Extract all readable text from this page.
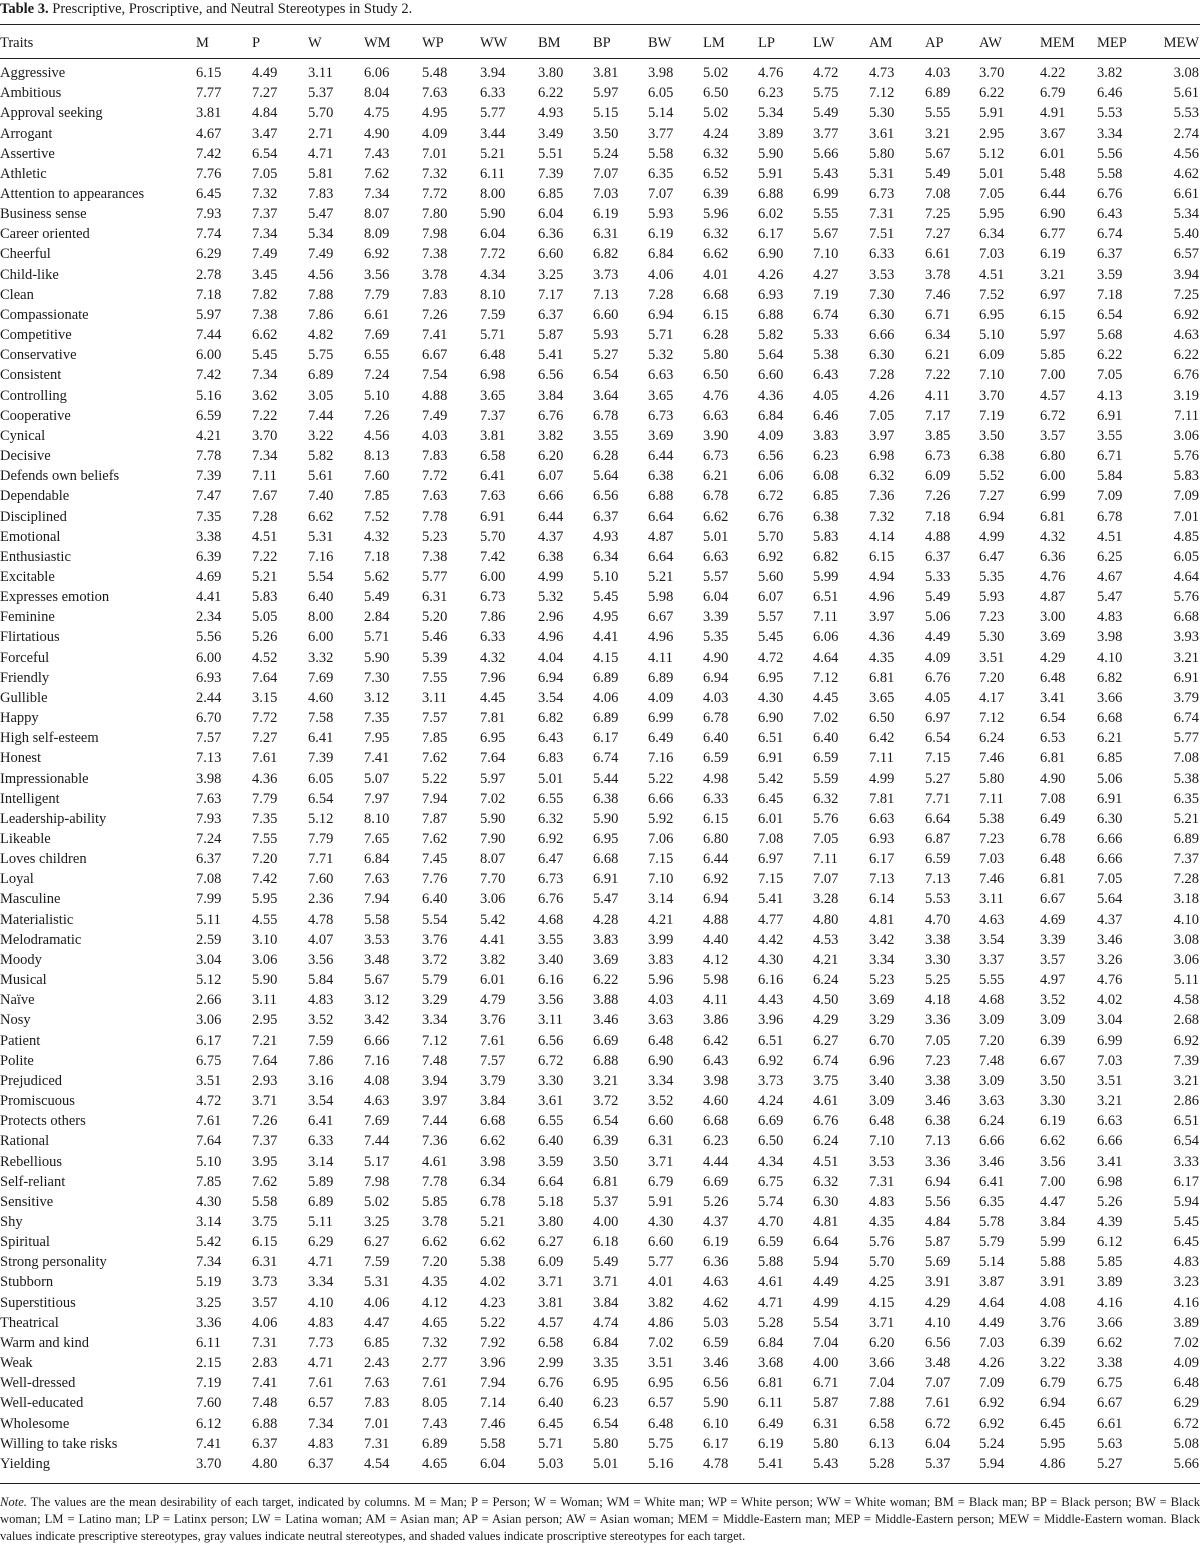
Table 3. Prescriptive, Proscriptive, and Neutral Stereotypes in Study 2.
Traits	M	P	W	WM	WP	WW	BM	BP	BW	LM	LP	LW	AM	AP	AW	MEM	MEP	MEW

Aggressive	6.15	4.49	3.11	6.06	5.48	3.94	3.80	3.81	3.98	5.02	4.76	4.72	4.73	4.03	3.70	4.22	3.82	3.08
Ambitious	7.77	7.27	5.37	8.04	7.63	6.33	6.22	5.97	6.05	6.50	6.23	5.75	7.12	6.89	6.22	6.79	6.46	5.61
Approval seeking	3.81	4.84	5.70	4.75	4.95	5.77	4.93	5.15	5.14	5.02	5.34	5.49	5.30	5.55	5.91	4.91	5.53	5.53
Arrogant	4.67	3.47	2.71	4.90	4.09	3.44	3.49	3.50	3.77	4.24	3.89	3.77	3.61	3.21	2.95	3.67	3.34	2.74
Assertive	7.42	6.54	4.71	7.43	7.01	5.21	5.51	5.24	5.58	6.32	5.90	5.66	5.80	5.67	5.12	6.01	5.56	4.56
Athletic	7.76	7.05	5.81	7.62	7.32	6.11	7.39	7.07	6.35	6.52	5.91	5.43	5.31	5.49	5.01	5.48	5.58	4.62
Attention to appearances	6.45	7.32	7.83	7.34	7.72	8.00	6.85	7.03	7.07	6.39	6.88	6.99	6.73	7.08	7.05	6.44	6.76	6.61
Business sense	7.93	7.37	5.47	8.07	7.80	5.90	6.04	6.19	5.93	5.96	6.02	5.55	7.31	7.25	5.95	6.90	6.43	5.34
Career oriented	7.74	7.34	5.34	8.09	7.98	6.04	6.36	6.31	6.19	6.32	6.17	5.67	7.51	7.27	6.34	6.77	6.74	5.40
Cheerful	6.29	7.49	7.49	6.92	7.38	7.72	6.60	6.82	6.84	6.62	6.90	7.10	6.33	6.61	7.03	6.19	6.37	6.57
Child-like	2.78	3.45	4.56	3.56	3.78	4.34	3.25	3.73	4.06	4.01	4.26	4.27	3.53	3.78	4.51	3.21	3.59	3.94
Clean	7.18	7.82	7.88	7.79	7.83	8.10	7.17	7.13	7.28	6.68	6.93	7.19	7.30	7.46	7.52	6.97	7.18	7.25
Compassionate	5.97	7.38	7.86	6.61	7.26	7.59	6.37	6.60	6.94	6.15	6.88	6.74	6.30	6.71	6.95	6.15	6.54	6.92
Competitive	7.44	6.62	4.82	7.69	7.41	5.71	5.87	5.93	5.71	6.28	5.82	5.33	6.66	6.34	5.10	5.97	5.68	4.63
Conservative	6.00	5.45	5.75	6.55	6.67	6.48	5.41	5.27	5.32	5.80	5.64	5.38	6.30	6.21	6.09	5.85	6.22	6.22
Consistent	7.42	7.34	6.89	7.24	7.54	6.98	6.56	6.54	6.63	6.50	6.60	6.43	7.28	7.22	7.10	7.00	7.05	6.76
Controlling	5.16	3.62	3.05	5.10	4.88	3.65	3.84	3.64	3.65	4.76	4.36	4.05	4.26	4.11	3.70	4.57	4.13	3.19
Cooperative	6.59	7.22	7.44	7.26	7.49	7.37	6.76	6.78	6.73	6.63	6.84	6.46	7.05	7.17	7.19	6.72	6.91	7.11
Cynical	4.21	3.70	3.22	4.56	4.03	3.81	3.82	3.55	3.69	3.90	4.09	3.83	3.97	3.85	3.50	3.57	3.55	3.06
Decisive	7.78	7.34	5.82	8.13	7.83	6.58	6.20	6.28	6.44	6.73	6.56	6.23	6.98	6.73	6.38	6.80	6.71	5.76
Defends own beliefs	7.39	7.11	5.61	7.60	7.72	6.41	6.07	5.64	6.38	6.21	6.06	6.08	6.32	6.09	5.52	6.00	5.84	5.83
Dependable	7.47	7.67	7.40	7.85	7.63	7.63	6.66	6.56	6.88	6.78	6.72	6.85	7.36	7.26	7.27	6.99	7.09	7.09
Disciplined	7.35	7.28	6.62	7.52	7.78	6.91	6.44	6.37	6.64	6.62	6.76	6.38	7.32	7.18	6.94	6.81	6.78	7.01
Emotional	3.38	4.51	5.31	4.32	5.23	5.70	4.37	4.93	4.87	5.01	5.70	5.83	4.14	4.88	4.99	4.32	4.51	4.85
Enthusiastic	6.39	7.22	7.16	7.18	7.38	7.42	6.38	6.34	6.64	6.63	6.92	6.82	6.15	6.37	6.47	6.36	6.25	6.05
Excitable	4.69	5.21	5.54	5.62	5.77	6.00	4.99	5.10	5.21	5.57	5.60	5.99	4.94	5.33	5.35	4.76	4.67	4.64
Expresses emotion	4.41	5.83	6.40	5.49	6.31	6.73	5.32	5.45	5.98	6.04	6.07	6.51	4.96	5.49	5.93	4.87	5.47	5.76
Feminine	2.34	5.05	8.00	2.84	5.20	7.86	2.96	4.95	6.67	3.39	5.57	7.11	3.97	5.06	7.23	3.00	4.83	6.68
Flirtatious	5.56	5.26	6.00	5.71	5.46	6.33	4.96	4.41	4.96	5.35	5.45	6.06	4.36	4.49	5.30	3.69	3.98	3.93
Forceful	6.00	4.52	3.32	5.90	5.39	4.32	4.04	4.15	4.11	4.90	4.72	4.64	4.35	4.09	3.51	4.29	4.10	3.21
Friendly	6.93	7.64	7.69	7.30	7.55	7.96	6.94	6.89	6.89	6.94	6.95	7.12	6.81	6.76	7.20	6.48	6.82	6.91
Gullible	2.44	3.15	4.60	3.12	3.11	4.45	3.54	4.06	4.09	4.03	4.30	4.45	3.65	4.05	4.17	3.41	3.66	3.79
Happy	6.70	7.72	7.58	7.35	7.57	7.81	6.82	6.89	6.99	6.78	6.90	7.02	6.50	6.97	7.12	6.54	6.68	6.74
High self-esteem	7.57	7.27	6.41	7.95	7.85	6.95	6.43	6.17	6.49	6.40	6.51	6.40	6.42	6.54	6.24	6.53	6.21	5.77
Honest	7.13	7.61	7.39	7.41	7.62	7.64	6.83	6.74	7.16	6.59	6.91	6.59	7.11	7.15	7.46	6.81	6.85	7.08
Impressionable	3.98	4.36	6.05	5.07	5.22	5.97	5.01	5.44	5.22	4.98	5.42	5.59	4.99	5.27	5.80	4.90	5.06	5.38
Intelligent	7.63	7.79	6.54	7.97	7.94	7.02	6.55	6.38	6.66	6.33	6.45	6.32	7.81	7.71	7.11	7.08	6.91	6.35
Leadership-ability	7.93	7.35	5.12	8.10	7.87	5.90	6.32	5.90	5.92	6.15	6.01	5.76	6.63	6.64	5.38	6.49	6.30	5.21
Likeable	7.24	7.55	7.79	7.65	7.62	7.90	6.92	6.95	7.06	6.80	7.08	7.05	6.93	6.87	7.23	6.78	6.66	6.89
Loves children	6.37	7.20	7.71	6.84	7.45	8.07	6.47	6.68	7.15	6.44	6.97	7.11	6.17	6.59	7.03	6.48	6.66	7.37
Loyal	7.08	7.42	7.60	7.63	7.76	7.70	6.73	6.91	7.10	6.92	7.15	7.07	7.13	7.13	7.46	6.81	7.05	7.28
Masculine	7.99	5.95	2.36	7.94	6.40	3.06	6.76	5.47	3.14	6.94	5.41	3.28	6.14	5.53	3.11	6.67	5.64	3.18
Materialistic	5.11	4.55	4.78	5.58	5.54	5.42	4.68	4.28	4.21	4.88	4.77	4.80	4.81	4.70	4.63	4.69	4.37	4.10
Melodramatic	2.59	3.10	4.07	3.53	3.76	4.41	3.55	3.83	3.99	4.40	4.42	4.53	3.42	3.38	3.54	3.39	3.46	3.08
Moody	3.04	3.06	3.56	3.48	3.72	3.82	3.40	3.69	3.83	4.12	4.30	4.21	3.34	3.30	3.37	3.57	3.26	3.06
Musical	5.12	5.90	5.84	5.67	5.79	6.01	6.16	6.22	5.96	5.98	6.16	6.24	5.23	5.25	5.55	4.97	4.76	5.11
Naïve	2.66	3.11	4.83	3.12	3.29	4.79	3.56	3.88	4.03	4.11	4.43	4.50	3.69	4.18	4.68	3.52	4.02	4.58
Nosy	3.06	2.95	3.52	3.42	3.34	3.76	3.11	3.46	3.63	3.86	3.96	4.29	3.29	3.36	3.09	3.09	3.04	2.68
Patient	6.17	7.21	7.59	6.66	7.12	7.61	6.56	6.69	6.48	6.42	6.51	6.27	6.70	7.05	7.20	6.39	6.99	6.92
Polite	6.75	7.64	7.86	7.16	7.48	7.57	6.72	6.88	6.90	6.43	6.92	6.74	6.96	7.23	7.48	6.67	7.03	7.39
Prejudiced	3.51	2.93	3.16	4.08	3.94	3.79	3.30	3.21	3.34	3.98	3.73	3.75	3.40	3.38	3.09	3.50	3.51	3.21
Promiscuous	4.72	3.71	3.54	4.63	3.97	3.84	3.61	3.72	3.52	4.60	4.24	4.61	3.09	3.46	3.63	3.30	3.21	2.86
Protects others	7.61	7.26	6.41	7.69	7.44	6.68	6.55	6.54	6.60	6.68	6.69	6.76	6.48	6.38	6.24	6.19	6.63	6.51
Rational	7.64	7.37	6.33	7.44	7.36	6.62	6.40	6.39	6.31	6.23	6.50	6.24	7.10	7.13	6.66	6.62	6.66	6.54
Rebellious	5.10	3.95	3.14	5.17	4.61	3.98	3.59	3.50	3.71	4.44	4.34	4.51	3.53	3.36	3.46	3.56	3.41	3.33
Self-reliant	7.85	7.62	5.89	7.98	7.78	6.34	6.64	6.81	6.79	6.69	6.75	6.32	7.31	6.94	6.41	7.00	6.98	6.17
Sensitive	4.30	5.58	6.89	5.02	5.85	6.78	5.18	5.37	5.91	5.26	5.74	6.30	4.83	5.56	6.35	4.47	5.26	5.94
Shy	3.14	3.75	5.11	3.25	3.78	5.21	3.80	4.00	4.30	4.37	4.70	4.81	4.35	4.84	5.78	3.84	4.39	5.45
Spiritual	5.42	6.15	6.29	6.27	6.62	6.62	6.27	6.18	6.60	6.19	6.59	6.64	5.76	5.87	5.79	5.99	6.12	6.45
Strong personality	7.34	6.31	4.71	7.59	7.20	5.38	6.09	5.49	5.77	6.36	5.88	5.94	5.70	5.69	5.14	5.88	5.85	4.83
Stubborn	5.19	3.73	3.34	5.31	4.35	4.02	3.71	3.71	4.01	4.63	4.61	4.49	4.25	3.91	3.87	3.91	3.89	3.23
Superstitious	3.25	3.57	4.10	4.06	4.12	4.23	3.81	3.84	3.82	4.62	4.71	4.99	4.15	4.29	4.64	4.08	4.16	4.16
Theatrical	3.36	4.06	4.83	4.47	4.65	5.22	4.57	4.74	4.86	5.03	5.28	5.54	3.71	4.10	4.49	3.76	3.66	3.89
Warm and kind	6.11	7.31	7.73	6.85	7.32	7.92	6.58	6.84	7.02	6.59	6.84	7.04	6.20	6.56	7.03	6.39	6.62	7.02
Weak	2.15	2.83	4.71	2.43	2.77	3.96	2.99	3.35	3.51	3.46	3.68	4.00	3.66	3.48	4.26	3.22	3.38	4.09
Well-dressed	7.19	7.41	7.61	7.63	7.61	7.94	6.76	6.95	6.95	6.56	6.81	6.71	7.04	7.07	7.09	6.79	6.75	6.48
Well-educated	7.60	7.48	6.57	7.83	8.05	7.14	6.40	6.23	6.57	5.90	6.11	5.87	7.88	7.61	6.92	6.94	6.67	6.29
Wholesome	6.12	6.88	7.34	7.01	7.43	7.46	6.45	6.54	6.48	6.10	6.49	6.31	6.58	6.72	6.92	6.45	6.61	6.72
Willing to take risks	7.41	6.37	4.83	7.31	6.89	5.58	5.71	5.80	5.75	6.17	6.19	5.80	6.13	6.04	5.24	5.95	5.63	5.08
Yielding	3.70	4.80	6.37	4.54	4.65	6.04	5.03	5.01	5.16	4.78	5.41	5.43	5.28	5.37	5.94	4.86	5.27	5.66
Note. The values are the mean desirability of each target, indicated by columns. M = Man; P = Person; W = Woman; WM = White man; WP = White person; WW = White woman; BM = Black man; BP = Black person; BW = Black woman; LM = Latino man; LP = Latinx person; LW = Latina woman; AM = Asian man; AP = Asian person; AW = Asian woman; MEM = Middle-Eastern man; MEP = Middle-Eastern person; MEW = Middle-Eastern woman. Black values indicate prescriptive stereotypes, gray values indicate neutral stereotypes, and shaded values indicate proscriptive stereotypes for each target.
